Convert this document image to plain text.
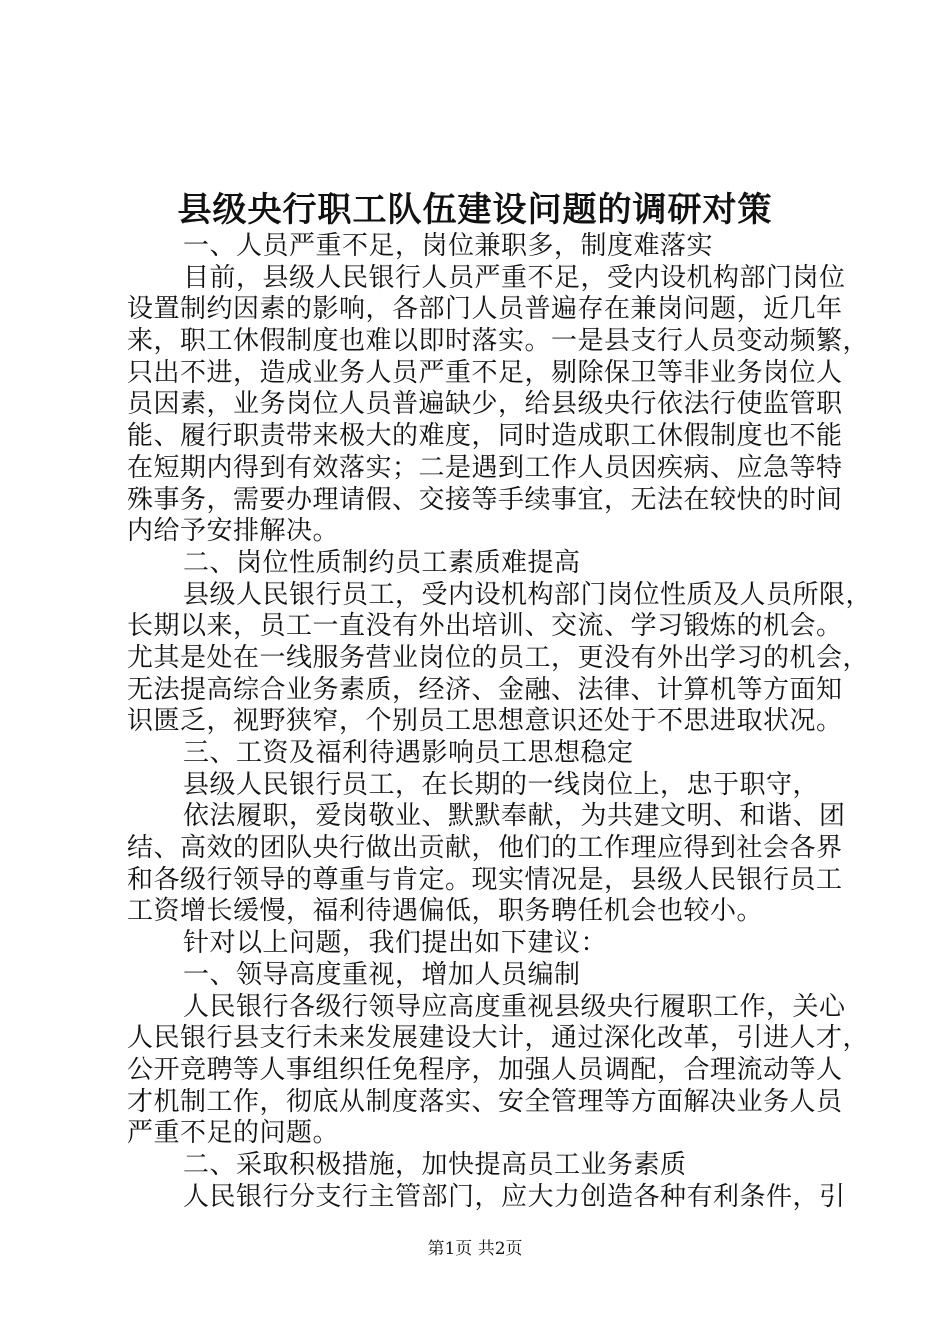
县级央行职工队伍建设问题的调研对策
一、人员严重不足，岗位兼职多，制度难落实
目前，县级人民银行人员严重不足，受内设机构部门岗位
设置制约因素的影响，各部门人员普遍存在兼岗问题，近几年
来，职工休假制度也难以即时落实。一是县支行人员变动频繁，
只出不进，造成业务人员严重不足，剔除保卫等非业务岗位人
员因素，业务岗位人员普遍缺少，给县级央行依法行使监管职
能、履行职责带来极大的难度，同时造成职工休假制度也不能
在短期内得到有效落实；二是遇到工作人员因疾病、应急等特
殊事务，需要办理请假、交接等手续事宜，无法在较快的时间
内给予安排解决。
二、岗位性质制约员工素质难提高
县级人民银行员工，受内设机构部门岗位性质及人员所限，
长期以来，员工一直没有外出培训、交流、学习锻炼的机会。
尤其是处在一线服务营业岗位的员工，更没有外出学习的机会，
无法提高综合业务素质，经济、金融、法律、计算机等方面知
识匮乏，视野狭窄，个别员工思想意识还处于不思进取状况。
三、工资及福利待遇影响员工思想稳定
县级人民银行员工，在长期的一线岗位上，忠于职守，
依法履职，爱岗敬业、默默奉献，为共建文明、和谐、团
结、高效的团队央行做出贡献，他们的工作理应得到社会各界
和各级行领导的尊重与肯定。现实情况是，县级人民银行员工
工资增长缓慢，福利待遇偏低，职务聘任机会也较小。
针对以上问题，我们提出如下建议：
一、领导高度重视，增加人员编制
人民银行各级行领导应高度重视县级央行履职工作，关心
人民银行县支行未来发展建设大计，通过深化改革，引进人才，
公开竞聘等人事组织任免程序，加强人员调配，合理流动等人
才机制工作，彻底从制度落实、安全管理等方面解决业务人员
严重不足的问题。
二、采取积极措施，加快提高员工业务素质
人民银行分支行主管部门，应大力创造各种有利条件，引
第1页 共2页
